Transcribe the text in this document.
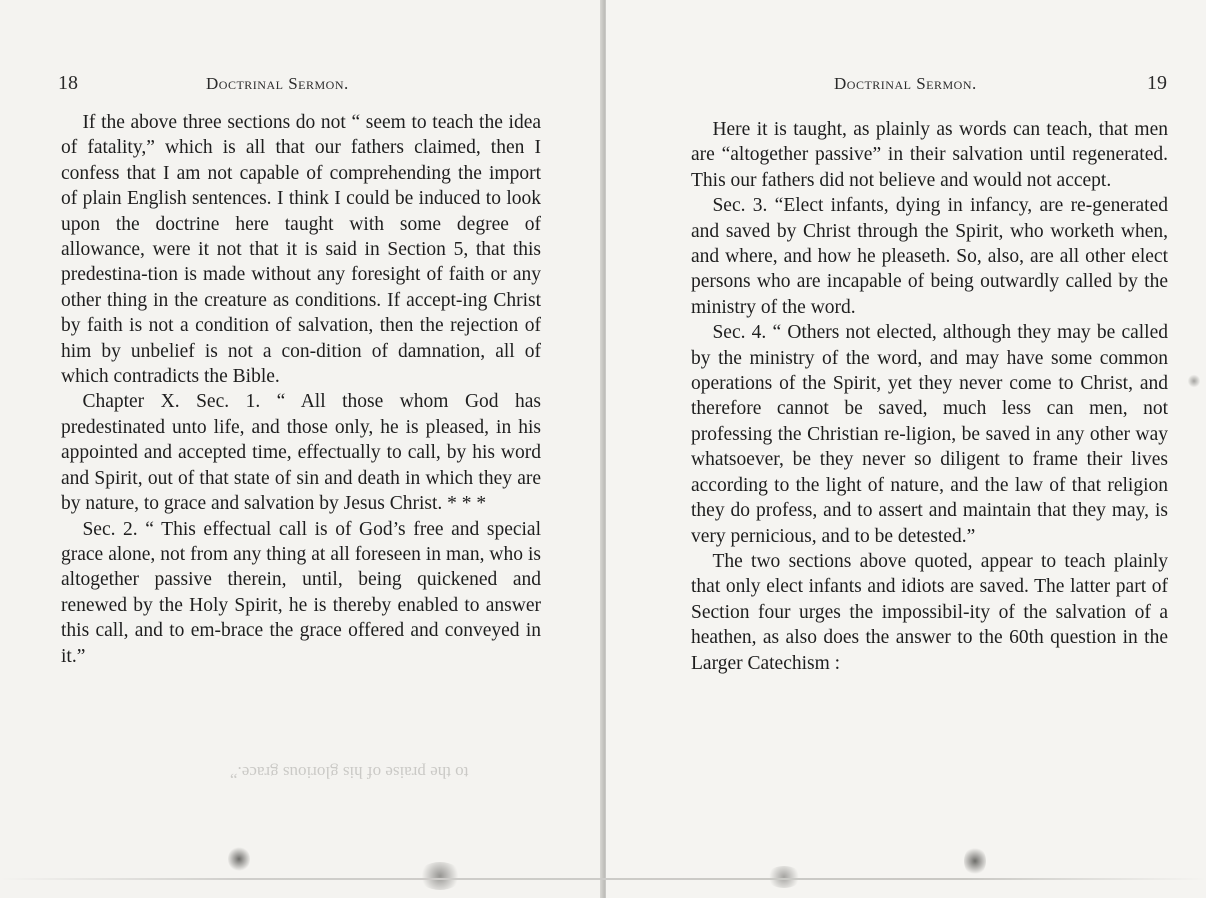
18	Doctrinal Sermon.

If the above three sections do not “ seem to teach the idea of fatality,” which is all that our fathers claimed, then I confess that I am not capable of comprehending the import of plain English sentences. I think I could be induced to look upon the doctrine here taught with some degree of allowance, were it not that it is said in Section 5, that this predestina-tion is made without any foresight of faith or any other thing in the creature as conditions. If accept-ing Christ by faith is not a condition of salvation, then the rejection of him by unbelief is not a con-dition of damnation, all of which contradicts the Bible.

Chapter X. Sec. 1. “ All those whom God has predestinated unto life, and those only, he is pleased, in his appointed and accepted time, effectually to call, by his word and Spirit, out of that state of sin and death in which they are by nature, to grace and salvation by Jesus Christ. * * *

Sec. 2. “ This effectual call is of God’s free and special grace alone, not from any thing at all foreseen in man, who is altogether passive therein, until, being quickened and renewed by the Holy Spirit, he is thereby enabled to answer this call, and to em-brace the grace offered and conveyed in it.”

to the praise of his glorious grace.”
Doctrinal Sermon.	19

Here it is taught, as plainly as words can teach, that men are “altogether passive” in their salvation until regenerated. This our fathers did not believe and would not accept.

Sec. 3. “Elect infants, dying in infancy, are re-generated and saved by Christ through the Spirit, who worketh when, and where, and how he pleaseth. So, also, are all other elect persons who are incapable of being outwardly called by the ministry of the word.

Sec. 4. “ Others not elected, although they may be called by the ministry of the word, and may have some common operations of the Spirit, yet they never come to Christ, and therefore cannot be saved, much less can men, not professing the Christian re-ligion, be saved in any other way whatsoever, be they never so diligent to frame their lives according to the light of nature, and the law of that religion they do profess, and to assert and maintain that they may, is very pernicious, and to be detested.”

The two sections above quoted, appear to teach plainly that only elect infants and idiots are saved. The latter part of Section four urges the impossibil-ity of the salvation of a heathen, as also does the answer to the 60th question in the Larger Catechism :
